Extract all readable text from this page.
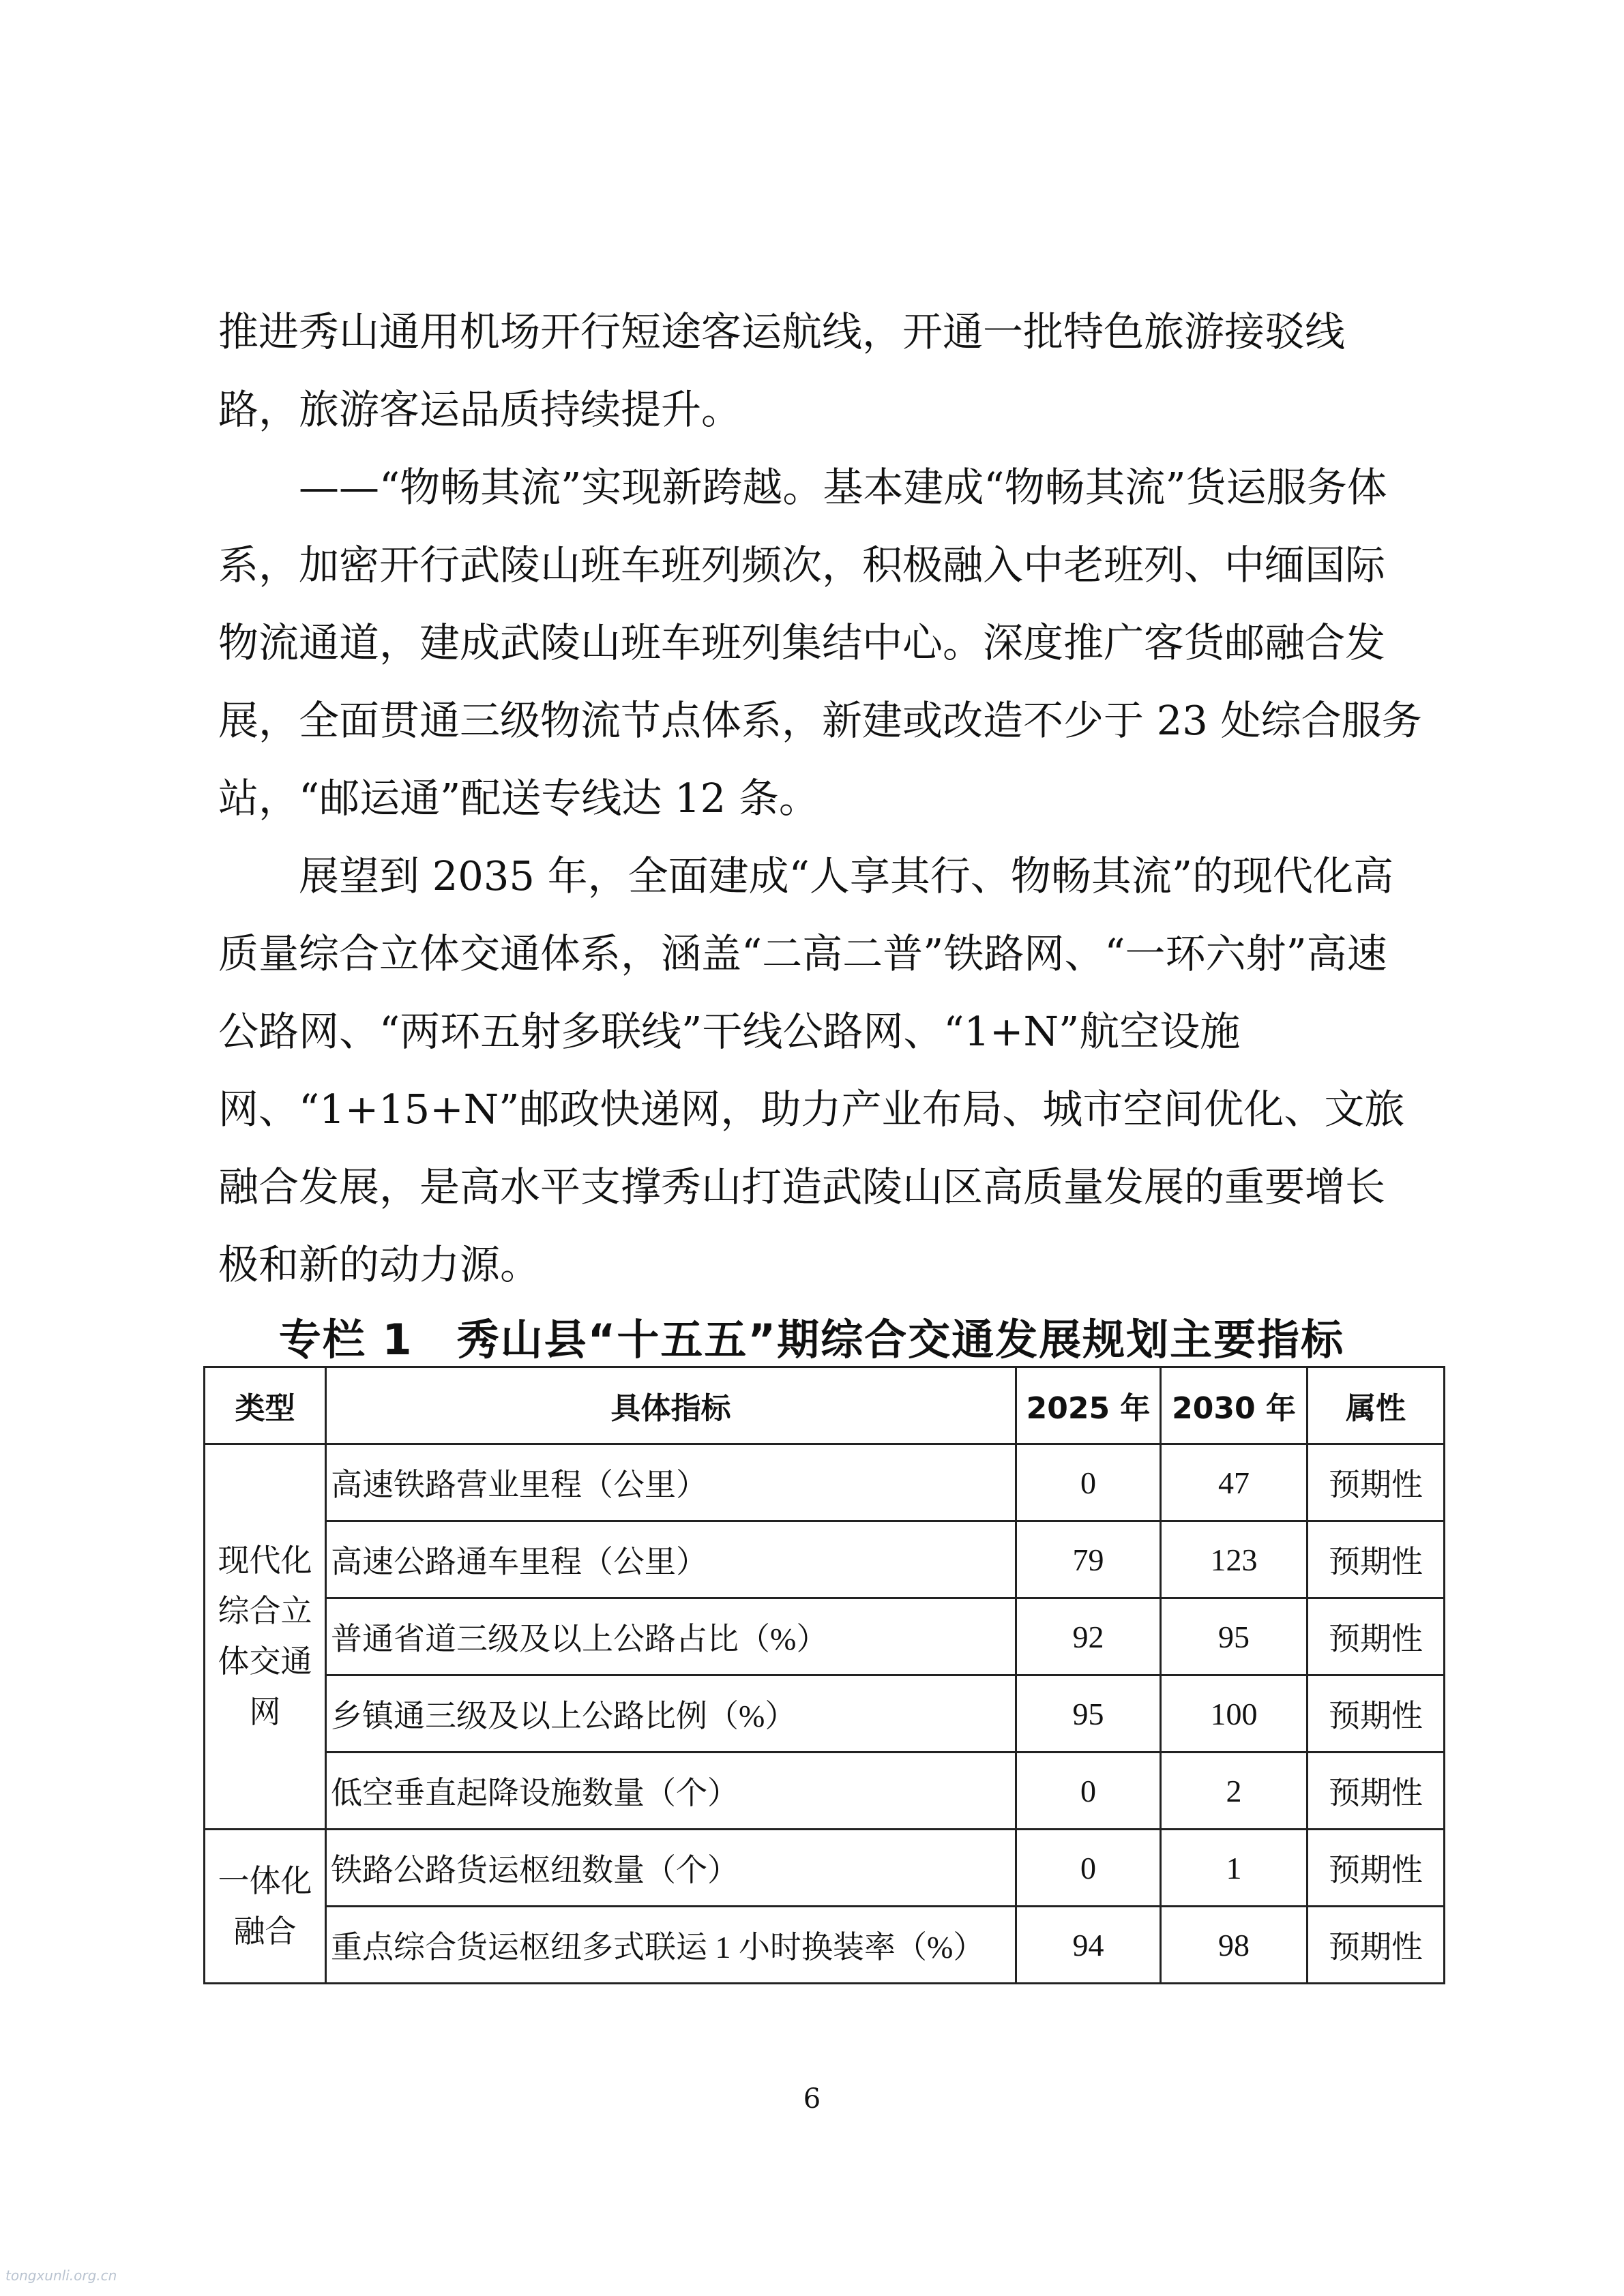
推进秀山通用机场开行短途客运航线，开通一批特色旅游接驳线路，旅游客运品质持续提升。

——“物畅其流”实现新跨越。基本建成“物畅其流”货运服务体系，加密开行武陵山班车班列频次，积极融入中老班列、中缅国际物流通道，建成武陵山班车班列集结中心。深度推广客货邮融合发展，全面贯通三级物流节点体系，新建或改造不少于 23 处综合服务站，“邮运通”配送专线达 12 条。

展望到 2035 年，全面建成“人享其行、物畅其流”的现代化高质量综合立体交通体系，涵盖“二高二普”铁路网、“一环六射”高速公路网、“两环五射多联线”干线公路网、“1+N”航空设施网、“1+15+N”邮政快递网，助力产业布局、城市空间优化、文旅融合发展，是高水平支撑秀山打造武陵山区高质量发展的重要增长极和新的动力源。

专栏 1　秀山县“十五五”期综合交通发展规划主要指标
类型	具体指标	2025 年	2030 年	属性
现代化综合立体交通网	高速铁路营业里程（公里）	0	47	预期性
	高速公路通车里程（公里）	79	123	预期性
	普通省道三级及以上公路占比（%）	92	95	预期性
	乡镇通三级及以上公路比例（%）	95	100	预期性
	低空垂直起降设施数量（个）	0	2	预期性
一体化融合	铁路公路货运枢纽数量（个）	0	1	预期性
	重点综合货运枢纽多式联运 1 小时换装率（%）	94	98	预期性
6
tongxunli.org.cn
